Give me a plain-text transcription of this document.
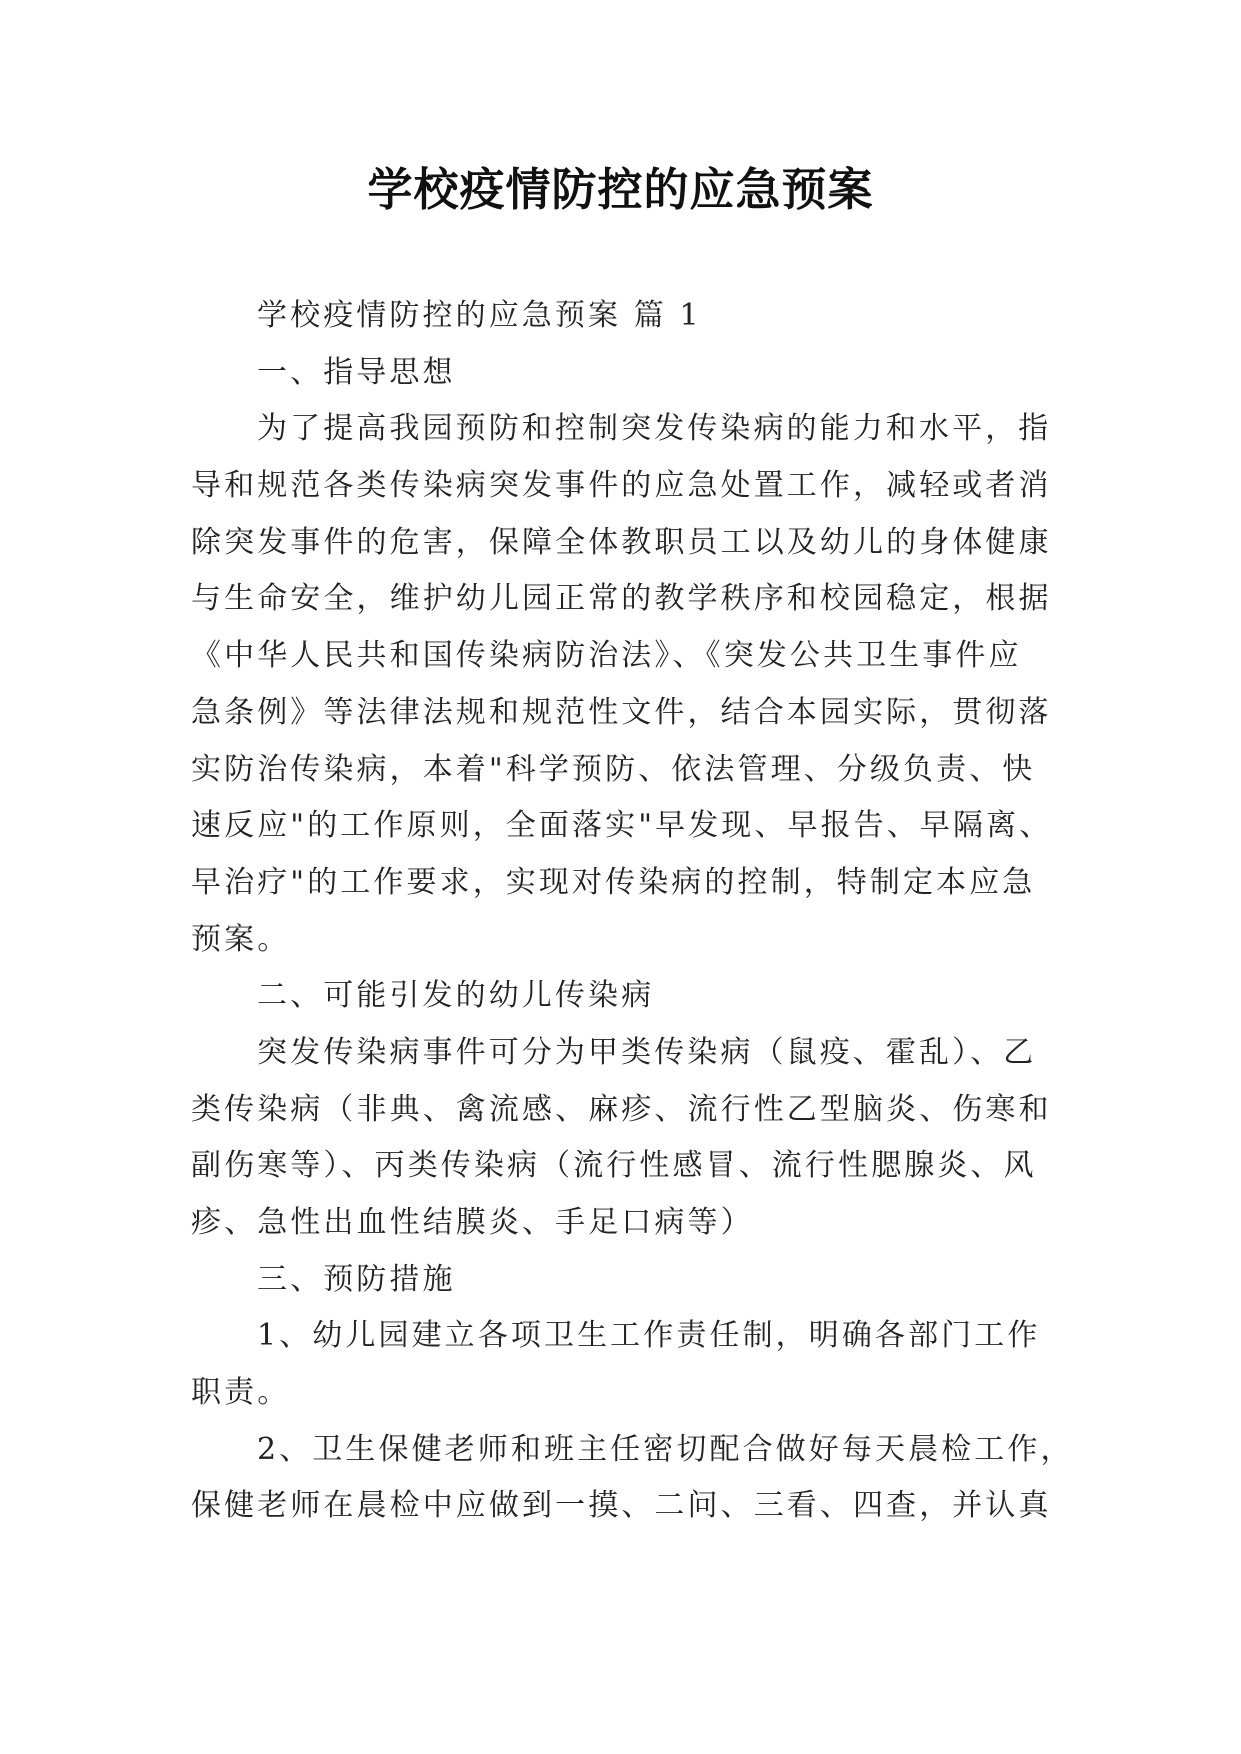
学校疫情防控的应急预案
学校疫情防控的应急预案 篇 1
一、指导思想
为了提高我园预防和控制突发传染病的能力和水平，指
导和规范各类传染病突发事件的应急处置工作，减轻或者消
除突发事件的危害，保障全体教职员工以及幼儿的身体健康
与生命安全，维护幼儿园正常的教学秩序和校园稳定，根据
《中华人民共和国传染病防治法》、《突发公共卫生事件应
急条例》等法律法规和规范性文件，结合本园实际，贯彻落
实防治传染病，本着"科学预防、依法管理、分级负责、快
速反应"的工作原则，全面落实"早发现、早报告、早隔离、
早治疗"的工作要求，实现对传染病的控制，特制定本应急
预案。
二、可能引发的幼儿传染病
突发传染病事件可分为甲类传染病（鼠疫、霍乱）、乙
类传染病（非典、禽流感、麻疹、流行性乙型脑炎、伤寒和
副伤寒等）、丙类传染病（流行性感冒、流行性腮腺炎、风
疹、急性出血性结膜炎、手足口病等）
三、预防措施
1、幼儿园建立各项卫生工作责任制，明确各部门工作
职责。
2、卫生保健老师和班主任密切配合做好每天晨检工作，
保健老师在晨检中应做到一摸、二问、三看、四查，并认真
